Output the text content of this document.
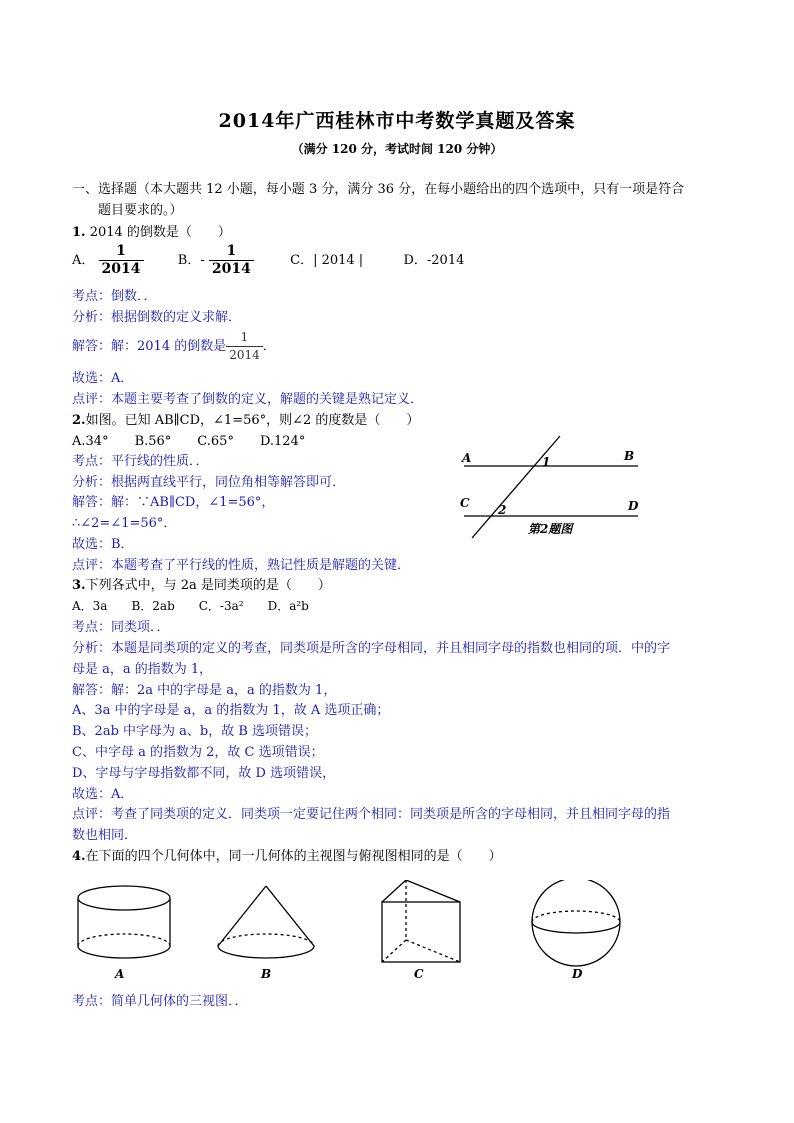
2014年广西桂林市中考数学真题及答案
（满分 120 分，考试时间 120 分钟）
一、选择题（本大题共 12 小题，每小题 3 分，满分 36 分，在每小题给出的四个选项中，只有一项是符合
题目要求的。）
1. 2014 的倒数是（　　）
A． $\frac{1}{2014}$	B．- $\frac{1}{2014}$	C．| 2014 |	D．-2014
考点：倒数．．
分析：根据倒数的定义求解．
解答：解：2014 的倒数是 $\frac{1}{2014}$ ．
故选：A．
点评：本题主要考查了倒数的定义，解题的关键是熟记定义．
2.如图。已知 AB∥CD，∠1=56°，则∠2 的度数是（　　）
A.34°　　B.56°　　C.65°　　D.124°
考点：平行线的性质．．
分析：根据两直线平行，同位角相等解答即可．
解答：解：∵AB∥CD，∠1=56°，
∴∠2=∠1=56°．
故选：B．
点评：本题考查了平行线的性质，熟记性质是解题的关键．
A	B
1
C	D
2
第2题图
3.下列各式中，与 2a 是同类项的是（　　）
A．3a　　B．2ab　　C．-3a²　　D．a²b
考点：同类项．．
分析：本题是同类项的定义的考查，同类项是所含的字母相同，并且相同字母的指数也相同的项．中的字
母是 a，a 的指数为 1，
解答：解：2a 中的字母是 a，a 的指数为 1，
A、3a 中的字母是 a，a 的指数为 1，故 A 选项正确；
B、2ab 中字母为 a、b，故 B 选项错误；
C、中字母 a 的指数为 2，故 C 选项错误；
D、字母与字母指数都不同，故 D 选项错误，
故选：A．
点评：考查了同类项的定义．同类项一定要记住两个相同：同类项是所含的字母相同，并且相同字母的指
数也相同．
4.在下面的四个几何体中，同一几何体的主视图与俯视图相同的是（　　）
A	B	C	D
考点：简单几何体的三视图．．
